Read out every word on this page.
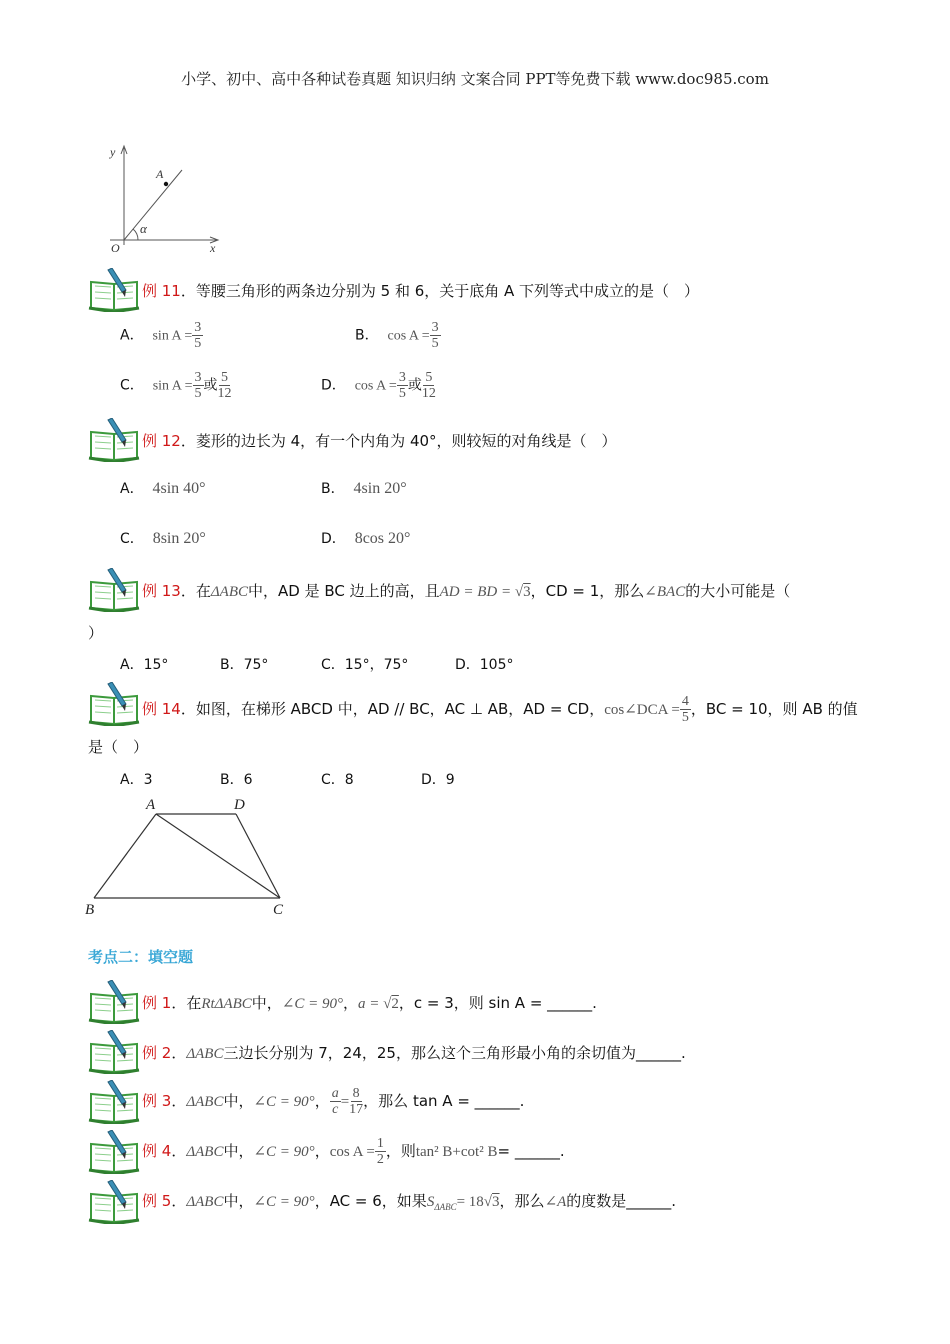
小学、初中、高中各种试卷真题 知识归纳 文案合同 PPT等免费下载 www.doc985.com
y
A
α
O	x
例 11．等腰三角形的两条边分别为 5 和 6，关于底角 A 下列等式中成立的是（　）
A． $\sin A = \frac{3}{5}$	B． $\cos A = \frac{3}{5}$
C． $\sin A = \frac{3}{5}$ 或 $\frac{5}{12}$	D． $\cos A = \frac{3}{5}$ 或 $\frac{5}{12}$
例 12．菱形的边长为 4，有一个内角为 40°，则较短的对角线是（　）
A． 4sin 40°	B． 4sin 20°
C． 8sin 20°	D． 8cos 20°
例 13．在ΔABC中，AD 是 BC 边上的高，且AD = BD = √3，CD = 1，那么∠BAC的大小可能是（
）
A．15°	B．75°	C．15°，75°	D．105°
例 14．如图，在梯形 ABCD 中，AD // BC，AC ⊥ AB，AD = CD，cos∠DCA = $\frac{4}{5}$ ，BC = 10，则 AB 的值
是（　）
A．3	B．6	C．8	D．9
A	D
B	C
考点二：填空题
例 1．在RtΔABC中，∠C = 90°，a = √2，c = 3，则 sin A = ______.
例 2．ΔABC三边长分别为 7，24，25，那么这个三角形最小角的余切值为______.
例 3．ΔABC中，∠C = 90°， $\frac{a}{c} = \frac{8}{17}$ ，那么 tan A = ______.
例 4．ΔABC中，∠C = 90°，$\cos A = \frac{1}{2}$ ，则tan² B+cot² B= ______.
例 5．ΔABC中，∠C = 90°，AC = 6，如果$S_{\Delta ABC}= 18√3$，那么∠A的度数是______.
